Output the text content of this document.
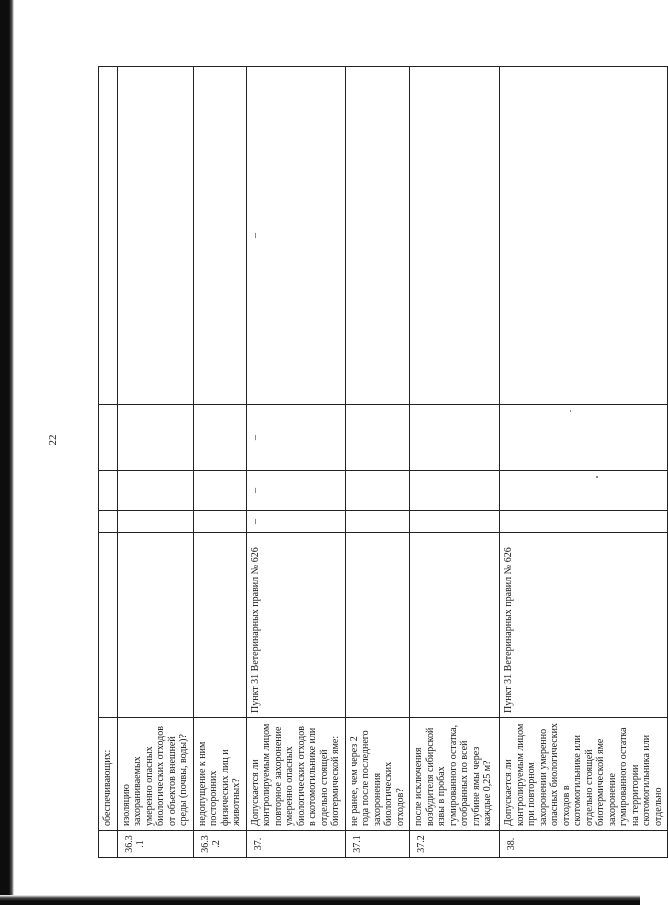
22
	обеспечивающих:					
36.3.1	изоляцию захораниваемых умеренно опасных биологических отходов от объектов внешней среды (почвы, воды)?					
36.3.2	недопущение к ним посторонних физических лиц и животных?					
37.	Допускается ли контролируемым лицом повторное захоронение умеренно опасных биологических отходов в скотомогильнике или отдельно стоящей биотермической яме:	Пункт 31 Ветеринарных правил № 626	–	–	–	–
37.1	не ранее, чем через 2 года после последнего захоронения биологических отходов?					
37.2	после исключения возбудителя сибирской язвы в пробах гумированного остатка, отобранных по всей глубине ямы через каждые 0,25 м?					
38.	Допускается ли контролируемым лицом при повторном захоронении умеренно опасных биологических отходов в скотомогильнике или отдельно стоящей биотермической яме захоронение гумированного остатка на территории скотомогильника или отдельно	Пункт 31 Ветеринарных правил № 626				
